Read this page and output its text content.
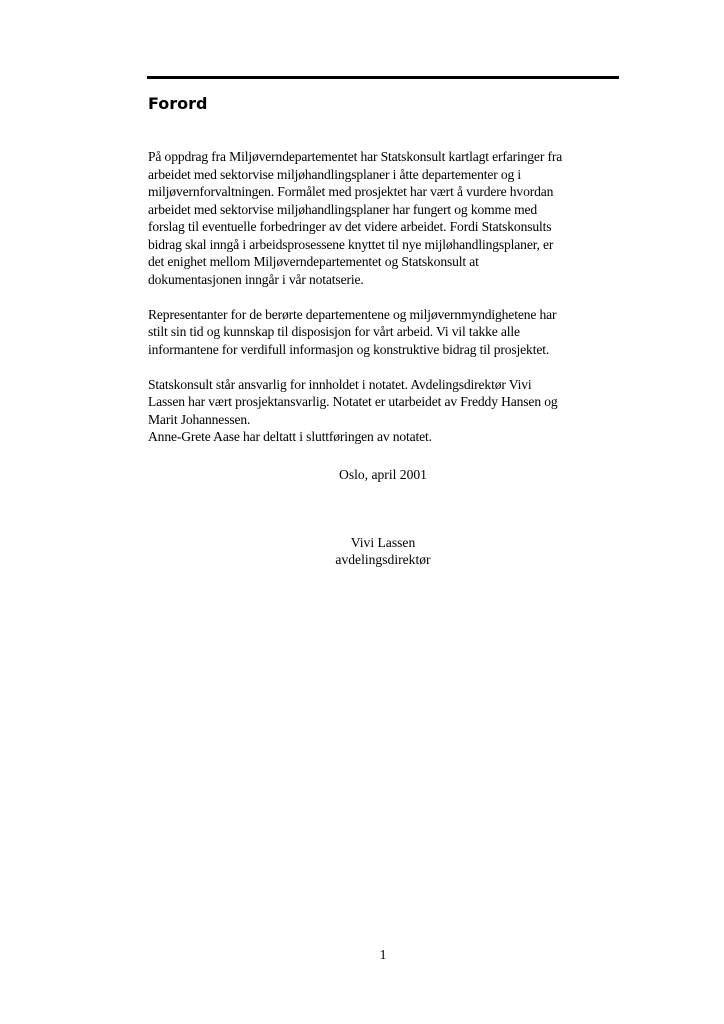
Forord

På oppdrag fra Miljøverndepartementet har Statskonsult kartlagt erfaringer fra
arbeidet med sektorvise miljøhandlingsplaner i åtte departementer og i
miljøvernforvaltningen. Formålet med prosjektet har vært å vurdere hvordan
arbeidet med sektorvise miljøhandlingsplaner har fungert og komme med
forslag til eventuelle forbedringer av det videre arbeidet. Fordi Statskonsults
bidrag skal inngå i arbeidsprosessene knyttet til nye mijløhandlingsplaner, er
det enighet mellom Miljøverndepartementet og Statskonsult at
dokumentasjonen inngår i vår notatserie.

Representanter for de berørte departementene og miljøvernmyndighetene har
stilt sin tid og kunnskap til disposisjon for vårt arbeid. Vi vil takke alle
informantene for verdifull informasjon og konstruktive bidrag til prosjektet.

Statskonsult står ansvarlig for innholdet i notatet. Avdelingsdirektør Vivi
Lassen har vært prosjektansvarlig. Notatet er utarbeidet av Freddy Hansen og
Marit Johannessen.
Anne-Grete Aase har deltatt i sluttføringen av notatet.

Oslo, april 2001
Vivi Lassen
avdelingsdirektør
1
